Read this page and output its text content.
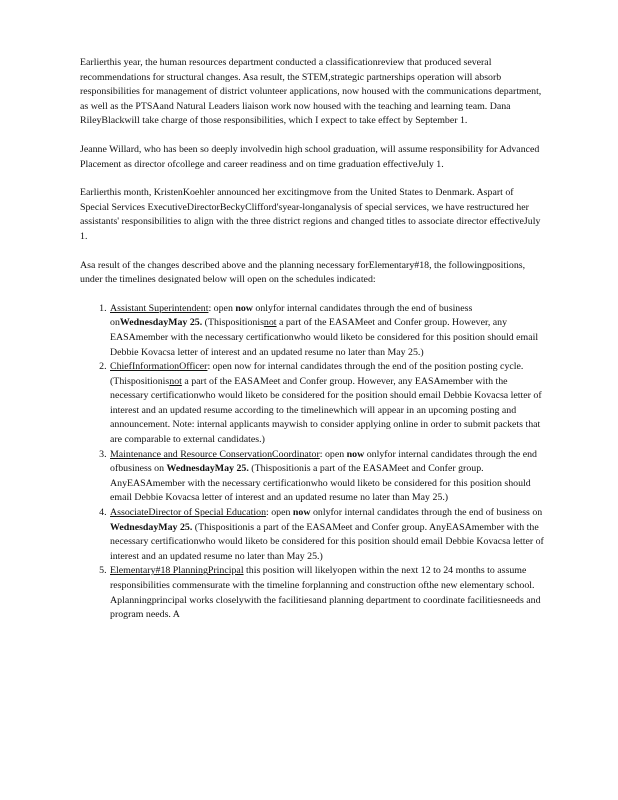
Earlierthis year, the human resources department conducted a classificationreview that produced several recommendations for structural changes. Asa result, the STEM,strategic partnerships operation will absorb responsibilities for management of district volunteer applications, now housed with the communications department, as well as the PTSAand Natural Leaders liaison work now housed with the teaching and learning team. Dana RileyBlackwill take charge of those responsibilities, which I expect to take effect by September 1.

Jeanne Willard, who has been so deeply involvedin high school graduation, will assume responsibility for Advanced Placement as director ofcollege and career readiness and on time graduation effectiveJuly 1.

Earlierthis month, KristenKoehler announced her excitingmove from the United States to Denmark. Aspart of Special Services ExecutiveDirectorBeckyClifford'syear-longanalysis of special services, we have restructured her assistants' responsibilities to align with the three district regions and changed titles to associate director effectiveJuly 1.

Asa result of the changes described above and the planning necessary forElementary#18, the followingpositions, under the timelines designated below will open on the schedules indicated:

1. Assistant Superintendent: open now onlyfor internal candidates through the end of business onWednesdayMay 25. (Thispositionisnot a part of the EASAMeet and Confer group. However, any EASAmember with the necessary certificationwho would liketo be considered for this position should email Debbie Kovacsa letter of interest and an updated resume no later than May 25.)
2. ChiefInformationOfficer: open now for internal candidates through the end of the position posting cycle. (Thispositionisnot a part of the EASAMeet and Confer group. However, any EASAmember with the necessary certificationwho would liketo be considered for the position should email Debbie Kovacsa letter of interest and an updated resume according to the timelinewhich will appear in an upcoming posting and announcement. Note: internal applicants maywish to consider applying online in order to submit packets that are comparable to external candidates.)
3. Maintenance and Resource ConservationCoordinator: open now onlyfor internal candidates through the end ofbusiness on WednesdayMay 25. (Thispositionis a part of the EASAMeet and Confer group. AnyEASAmember with the necessary certificationwho would liketo be considered for this position should email Debbie Kovacsa letter of interest and an updated resume no later than May 25.)
4. AssociateDirector of Special Education: open now onlyfor internal candidates through the end of business on WednesdayMay 25. (Thispositionis a part of the EASAMeet and Confer group. AnyEASAmember with the necessary certificationwho would liketo be considered for this position should email Debbie Kovacsa letter of interest and an updated resume no later than May 25.)
5. Elementary#18 PlanningPrincipal this position will likelyopen within the next 12 to 24 months to assume responsibilities commensurate with the timeline forplanning and construction ofthe new elementary school. Aplanningprincipal works closelywith the facilitiesand planning department to coordinate facilitiesneeds and program needs. A
